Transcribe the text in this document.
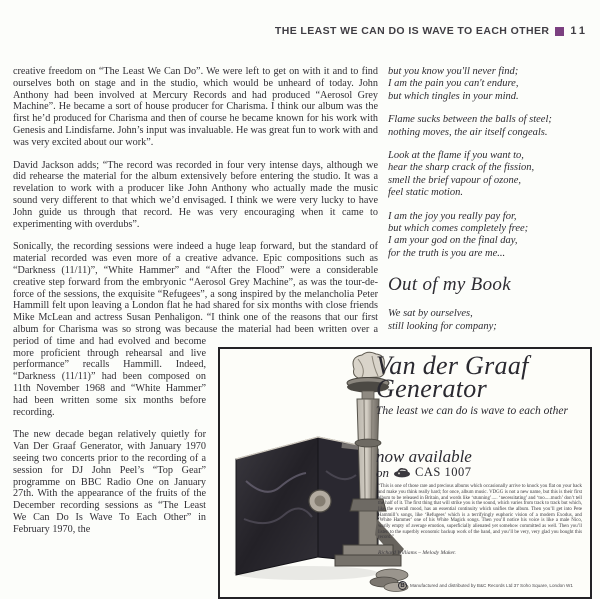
THE LEAST WE CAN DO IS WAVE TO EACH OTHER 11
but you know you'll never find;
I am the pain you can't endure,
but which tingles in your mind.
Flame sucks between the balls of steel;
nothing moves, the air itself congeals.
Look at the flame if you want to,
hear the sharp crack of the fission,
smell the brief vapour of ozone,
feel static motion.
I am the joy you really pay for,
but which comes completely free;
I am your god on the final day,
for the truth is you are me...
Out of my Book
We sat by ourselves,
still looking for company;
Van der Graaf
Generator
The least we can do is wave to each other
now available
on CAS 1007
“This is one of those rare and precious albums which occasionally arrive to knock you flat on your back and make you think really hard; for once, album music. VDGG is not a new name, but this is their first album to be released in Britain, and words like ‘stunning’..... ‘necessitating’ and ‘too.....much’ don’t tell the half of it. The first thing that will strike you is the sound, which varies from track to track but which, like the overall mood, has an essential continuity which unifies the album. Then you’ll get into Pete Hammill’s songs, like ‘Refugees’ which is a terrifyingly euphoric vision of a modern Exodus, and ‘White Hammer’ one of his White Magick songs. Then you’ll notice his voice is like a male Nico, warily empty of average emotion, superficially alienated yet somehow committed as well. Then you’ll listen to the superbly economic backup work of the band, and you’ll be very, very glad you bought this record.”
Richard Williams – Melody Maker.
B	Manufactured and distributed by B&C Records Ltd 37 Soho Square, London W1

creative freedom on “The Least We Can Do”. We were left to get on with it and to find ourselves both on stage and in the studio, which would be unheard of today. John Anthony had been involved at Mercury Records and had produced “Aerosol Grey Machine”. He became a sort of house producer for Charisma. I think our album was the first he’d produced for Charisma and then of course he became known for his work with Genesis and Lindisfarne. John’s input was invaluable. He was great fun to work with and was very excited about our work”.

David Jackson adds; “The record was recorded in four very intense days, although we did rehearse the material for the album extensively before entering the studio. It was a revelation to work with a producer like John Anthony who actually made the music sound very different to that which we’d envisaged. I think we were very lucky to have John guide us through that record. He was very encouraging when it came to experimenting with overdubs”.

Sonically, the recording sessions were indeed a huge leap forward, but the standard of material recorded was even more of a creative advance. Epic compositions such as “Darkness (11/11)”, “White Hammer” and “After the Flood” were a considerable creative step forward from the embryonic “Aerosol Grey Machine”, as was the tour-de-force of the sessions, the exquisite “Refugees”, a song inspired by the melancholia Peter Hammill felt upon leaving a London flat he had shared for six months with close friends Mike McLean and actress Susan Penhaligon. “I think one of the reasons that our first album for Charisma was so strong was because the material had been written over a period of time and had evolved and become more proficient through rehearsal and live performance” recalls Hammill. Indeed, “Darkness (11/11)” had been composed on 11th November 1968 and “White Hammer” had been written some six months before recording.

The new decade began relatively quietly for Van Der Graaf Generator, with January 1970 seeing two concerts prior to the recording of a session for DJ John Peel’s “Top Gear” programme on BBC Radio One on January 27th. With the appearance of the fruits of the December recording sessions as “The Least We Can Do Is Wave To Each Other” in February 1970, the
